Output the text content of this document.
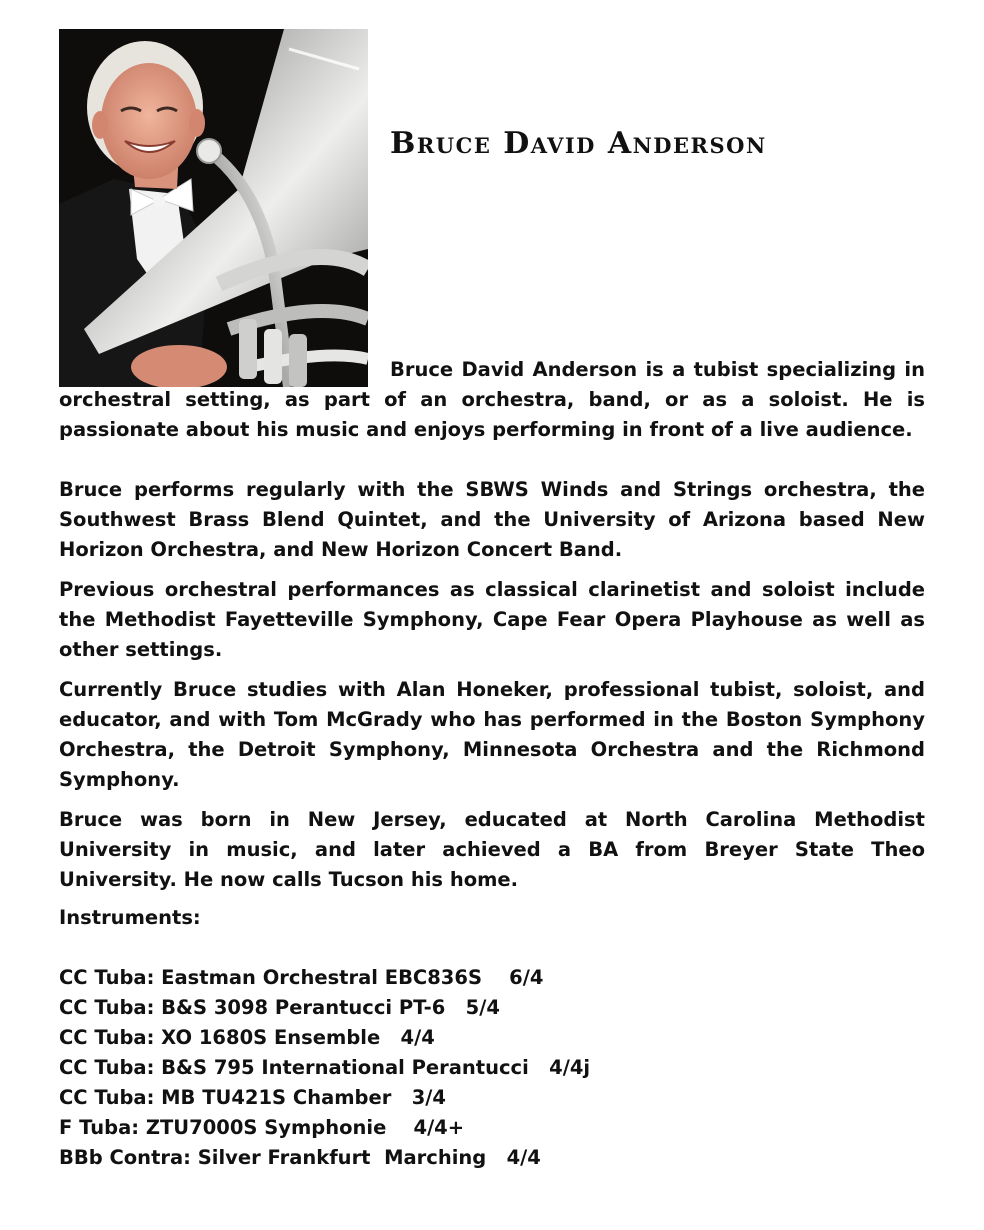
Bruce David Anderson

Bruce David Anderson is a tubist specializing in orchestral setting, as part of an orchestra, band, or as a soloist. He is passionate about his music and enjoys performing in front of a live audience.

Bruce performs regularly with the SBWS Winds and Strings orchestra, the Southwest Brass Blend Quintet, and the University of Arizona based New Horizon Orchestra, and New Horizon Concert Band.

Previous orchestral performances as classical clarinetist and soloist include the Methodist Fayetteville Symphony, Cape Fear Opera Playhouse as well as other settings.

Currently Bruce studies with Alan Honeker, professional tubist, soloist, and educator, and with Tom McGrady who has performed in the Boston Symphony Orchestra, the Detroit Symphony, Minnesota Orchestra and the Richmond Symphony.

Bruce was born in New Jersey, educated at North Carolina Methodist University in music, and later achieved a BA from Breyer State Theo University. He now calls Tucson his home.

Instruments:

CC Tuba: Eastman Orchestral EBC836S    6/4
CC Tuba: B&S 3098 Perantucci PT-6   5/4
CC Tuba: XO 1680S Ensemble   4/4
CC Tuba: B&S 795 International Perantucci   4/4j
CC Tuba: MB TU421S Chamber   3/4
F Tuba: ZTU7000S Symphonie    4/4+
BBb Contra: Silver Frankfurt  Marching   4/4
